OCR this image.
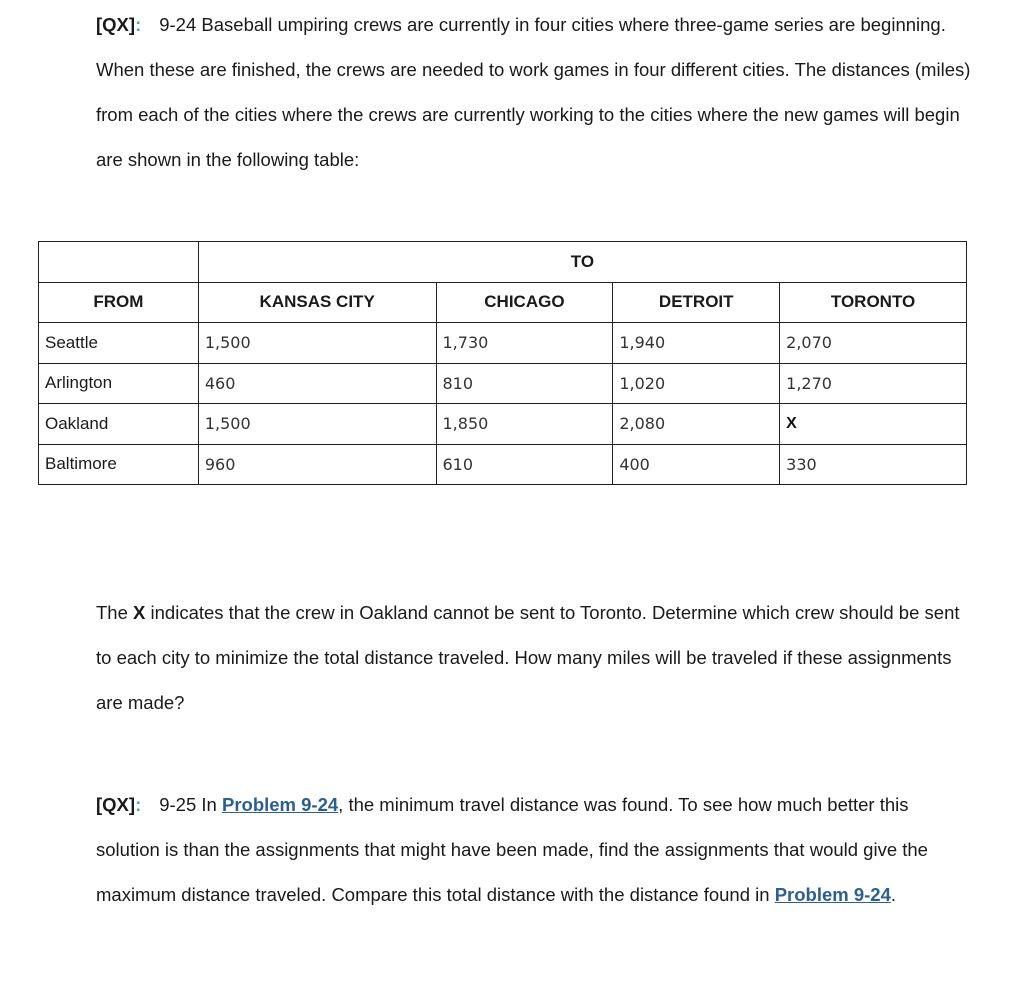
[QX]: 9-24 Baseball umpiring crews are currently in four cities where three-game series are beginning. When these are finished, the crews are needed to work games in four different cities. The distances (miles) from each of the cities where the crews are currently working to the cities where the new games will begin are shown in the following table:

	TO			
FROM	KANSAS CITY	CHICAGO	DETROIT	TORONTO
Seattle	1,500	1,730	1,940	2,070
Arlington	460	810	1,020	1,270
Oakland	1,500	1,850	2,080	X
Baltimore	960	610	400	330

The X indicates that the crew in Oakland cannot be sent to Toronto. Determine which crew should be sent to each city to minimize the total distance traveled. How many miles will be traveled if these assignments are made?

[QX]: 9-25 In Problem 9-24, the minimum travel distance was found. To see how much better this solution is than the assignments that might have been made, find the assignments that would give the maximum distance traveled. Compare this total distance with the distance found in Problem 9-24.
